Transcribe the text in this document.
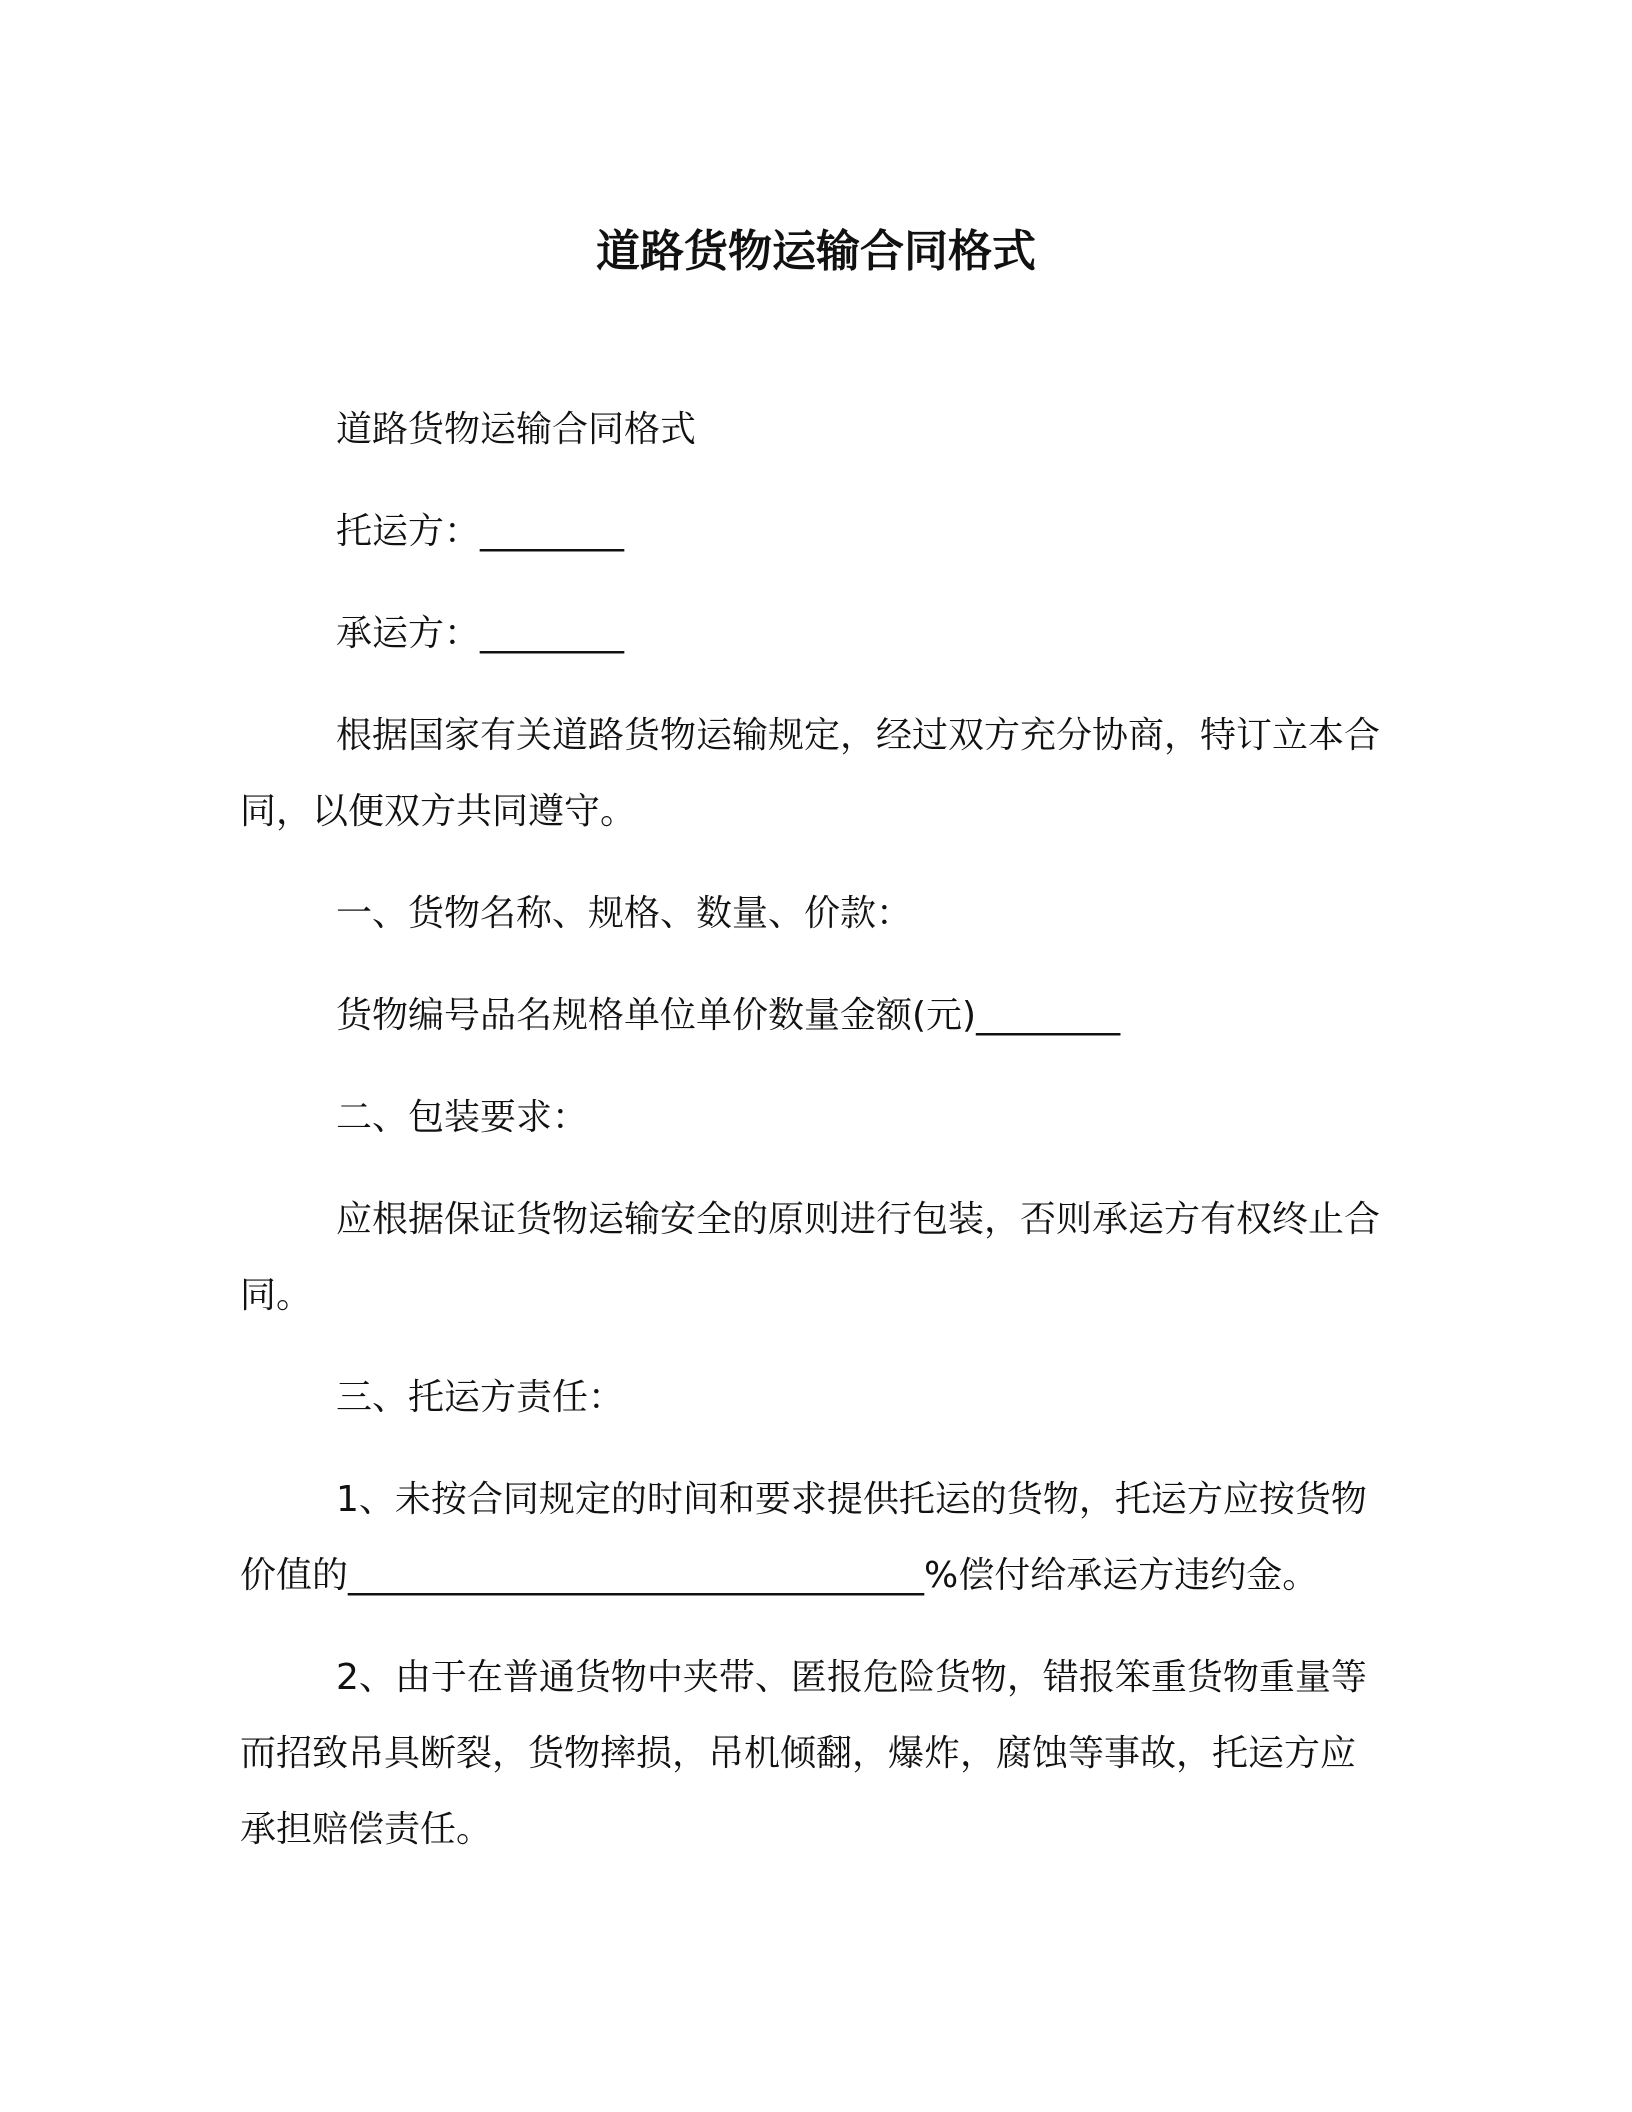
道路货物运输合同格式

道路货物运输合同格式

托运方：________

承运方：________

根据国家有关道路货物运输规定，经过双方充分协商，特订立本合同，以便双方共同遵守。

一、货物名称、规格、数量、价款：

货物编号品名规格单位单价数量金额(元)________

二、包装要求：

应根据保证货物运输安全的原则进行包装，否则承运方有权终止合同。

三、托运方责任：

1、未按合同规定的时间和要求提供托运的货物，托运方应按货物价值的________________________________%偿付给承运方违约金。

2、由于在普通货物中夹带、匿报危险货物，错报笨重货物重量等而招致吊具断裂，货物摔损，吊机倾翻，爆炸，腐蚀等事故，托运方应承担赔偿责任。
